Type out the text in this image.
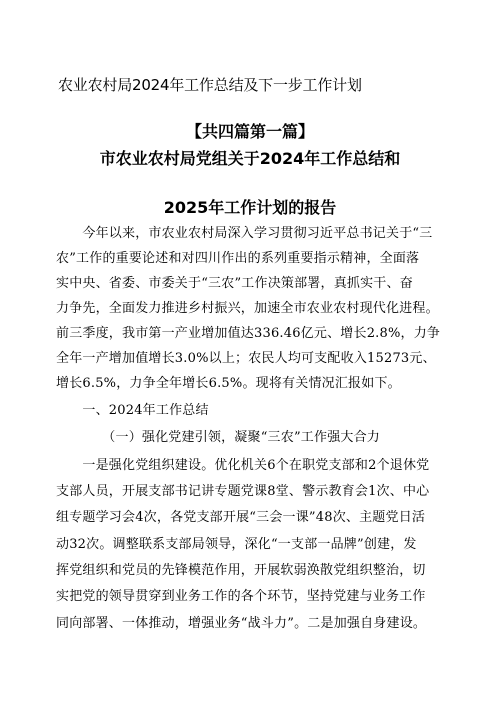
农业农村局2024年工作总结及下一步工作计划
【共四篇第一篇】
市农业农村局党组关于2024年工作总结和
2025年工作计划的报告
　　今年以来，市农业农村局深入学习贯彻习近平总书记关于“三
农”工作的重要论述和对四川作出的系列重要指示精神，全面落
实中央、省委、市委关于“三农”工作决策部署，真抓实干、奋
力争先，全面发力推进乡村振兴，加速全市农业农村现代化进程。
前三季度，我市第一产业增加值达336.46亿元、增长2.8%，力争
全年一产增加值增长3.0%以上；农民人均可支配收入15273元、
增长6.5%，力争全年增长6.5%。现将有关情况汇报如下。
　　一、2024年工作总结
　　　　（一）强化党建引领，凝聚“三农”工作强大合力
　　一是强化党组织建设。优化机关6个在职党支部和2个退休党
支部人员，开展支部书记讲专题党课8堂、警示教育会1次、中心
组专题学习会4次，各党支部开展“三会一课”48次、主题党日活
动32次。调整联系支部局领导，深化“一支部一品牌”创建，发
挥党组织和党员的先锋模范作用，开展软弱涣散党组织整治，切
实把党的领导贯穿到业务工作的各个环节，坚持党建与业务工作
同向部署、一体推动，增强业务“战斗力”。二是加强自身建设。
